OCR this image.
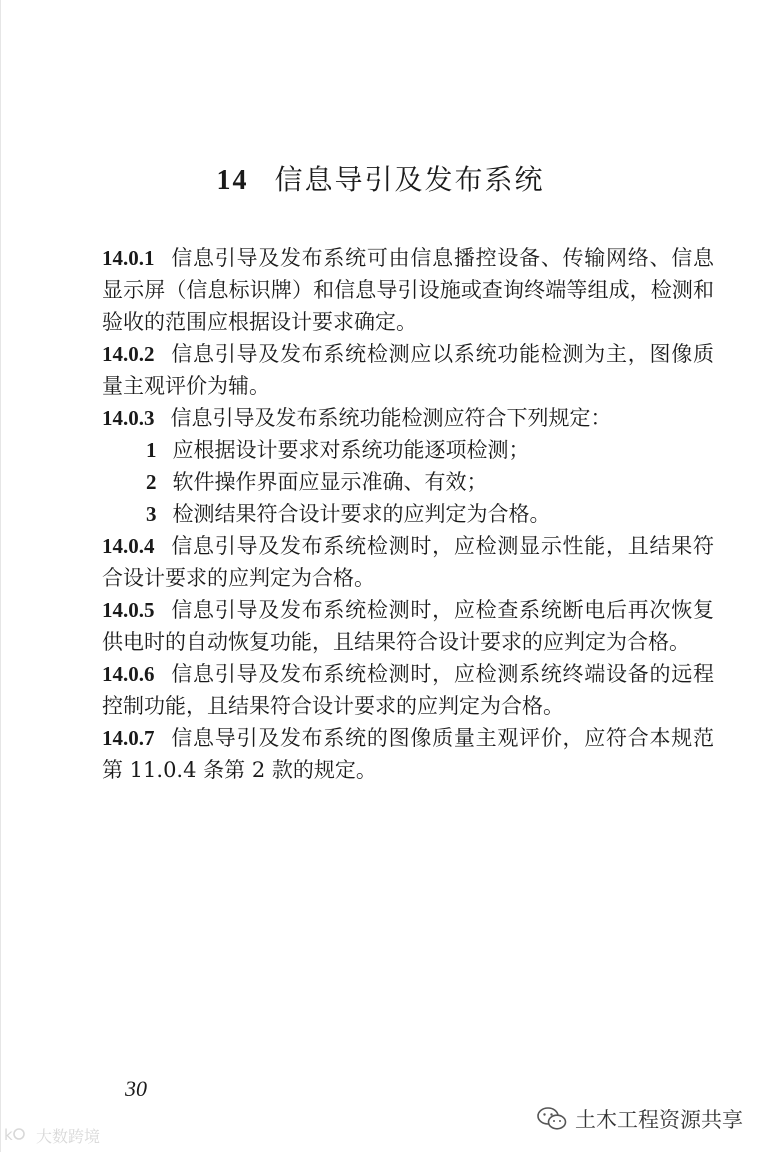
14 信息导引及发布系统

14.0.1 信息引导及发布系统可由信息播控设备、传输网络、信息显示屏（信息标识牌）和信息导引设施或查询终端等组成，检测和验收的范围应根据设计要求确定。

14.0.2 信息引导及发布系统检测应以系统功能检测为主，图像质量主观评价为辅。

14.0.3 信息引导及发布系统功能检测应符合下列规定：

1 应根据设计要求对系统功能逐项检测；

2 软件操作界面应显示准确、有效；

3 检测结果符合设计要求的应判定为合格。

14.0.4 信息引导及发布系统检测时，应检测显示性能，且结果符合设计要求的应判定为合格。

14.0.5 信息引导及发布系统检测时，应检查系统断电后再次恢复供电时的自动恢复功能，且结果符合设计要求的应判定为合格。

14.0.6 信息引导及发布系统检测时，应检测系统终端设备的远程控制功能，且结果符合设计要求的应判定为合格。

14.0.7 信息导引及发布系统的图像质量主观评价，应符合本规范第 11.0.4 条第 2 款的规定。

30
k 大数跨境
土木工程资源共享
